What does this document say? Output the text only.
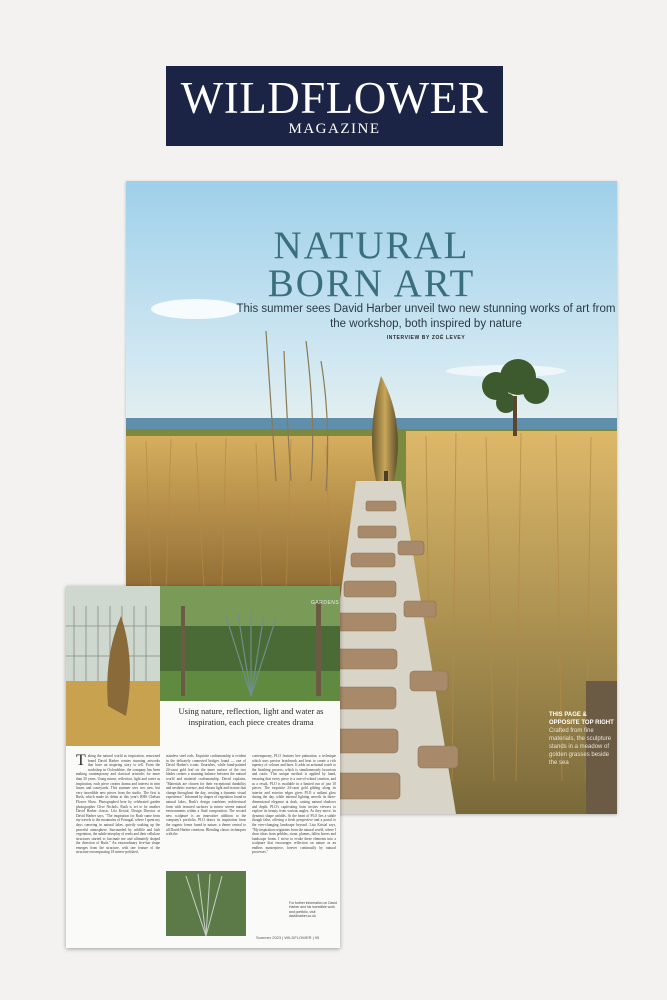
WILDFLOWER
MAGAZINE
NATURAL
BORN ART
This summer sees David Harber unveil two new stunning works of art from the workshop, both inspired by nature
INTERVIEW BY ZOË LEVEY
THIS PAGE & OPPOSITE TOP RIGHT Crafted from fine materials, the sculpture stands in a meadow of golden grasses beside the sea
GARDENS
Using nature, reflection, light and water as inspiration, each piece creates drama
T aking the natural world as inspiration, renowned brand David Harber creates stunning artworks that have an inspiring story to tell. From the workshop in Oxfordshire, the company has been making contemporary and classical artworks for more than 30 years. Using mirror, reflection, light and water as inspiration, each piece creates drama and interest in trim lawns and courtyards. This summer sees two new, but very incredible new pieces from the studio. The first is Rush, which made its debut at this year's RHS Chelsea Flower Show. Photographed here by celebrated garden photographer Clive Nichols, Rush is set to be another David Harber classic. Lila Kristal, Design Director at David Harber says, "The inspiration for Rush came from my travels to the mountains of Portugal, where I spent my days canoeing in natural lakes, quietly soaking up the peaceful atmosphere. Surrounded by wildlife and lush vegetation, the subtle interplay of reeds and their cellulose structures started to fascinate me and ultimately shaped the direction of Rush." An extraordinary five-bar shape emerges from the structure, with one feature of the structure encompassing 18 mirror-polished,
stainless steel rods. Exquisite craftsmanship is evident in the delicately connected bridges found — one of David Harber's iconic flourishes, while hand-painted 24-carat gold leaf on the inner surface of the two blades creates a stunning balance between the natural world and material craftsmanship. David explains, "Materials are chosen for their exceptional durability and aesthetic essence, and vibrant light and texture that change throughout the day, creating a dynamic visual experience." Informed by shapes of vegetation found in natural lakes, Rush's design combines architectural form with textured surfaces to mirror serene natural environments within a fluid composition. The second new sculpture is an innovative addition to the company's portfolio. PLO draws its inspiration from the organic forms found in nature, a theme central to all David Harber creations. Blending classic techniques with the
contemporary, PLO features bee patination, a technique which uses precise brushwork and heat to create a rich tapestry of colours and hues. It adds an artisanal touch to the finishing process, which is simultaneously luxurious and rustic. This unique method is applied by hand, ensuring that every piece is a one-of-a-kind creation, and as a result, PLO is available in a limited run of just 10 pieces. The exquisite 24-carat gold gilding along its interior and exterior edges gives PLO a radiant glow during the day, while internal lighting unveils its three-dimensional elegance at dusk, casting natural shadows and depth. PLO's captivating form invites viewers to explore its beauty from various angles. As they move, its dynamic shape unfolds. At the heart of PLO lies a subtle though false, offering a fresh perspective and a portal to the ever-changing landscape beyond. Lisa Kristal says, "My inspiration originates from the natural world, where I draw ideas from pebbles, stone, plumes, fallen leaves and landscape forms. I strive to evoke these elements into a sculpture that encourages reflection on nature as an endless masterpiece, forever continually by natural processes."
For further information on David Harber and his incredible work and portfolio, visit davidharber.co.uk
Summer 2023 | WILDFLOWER | 95
